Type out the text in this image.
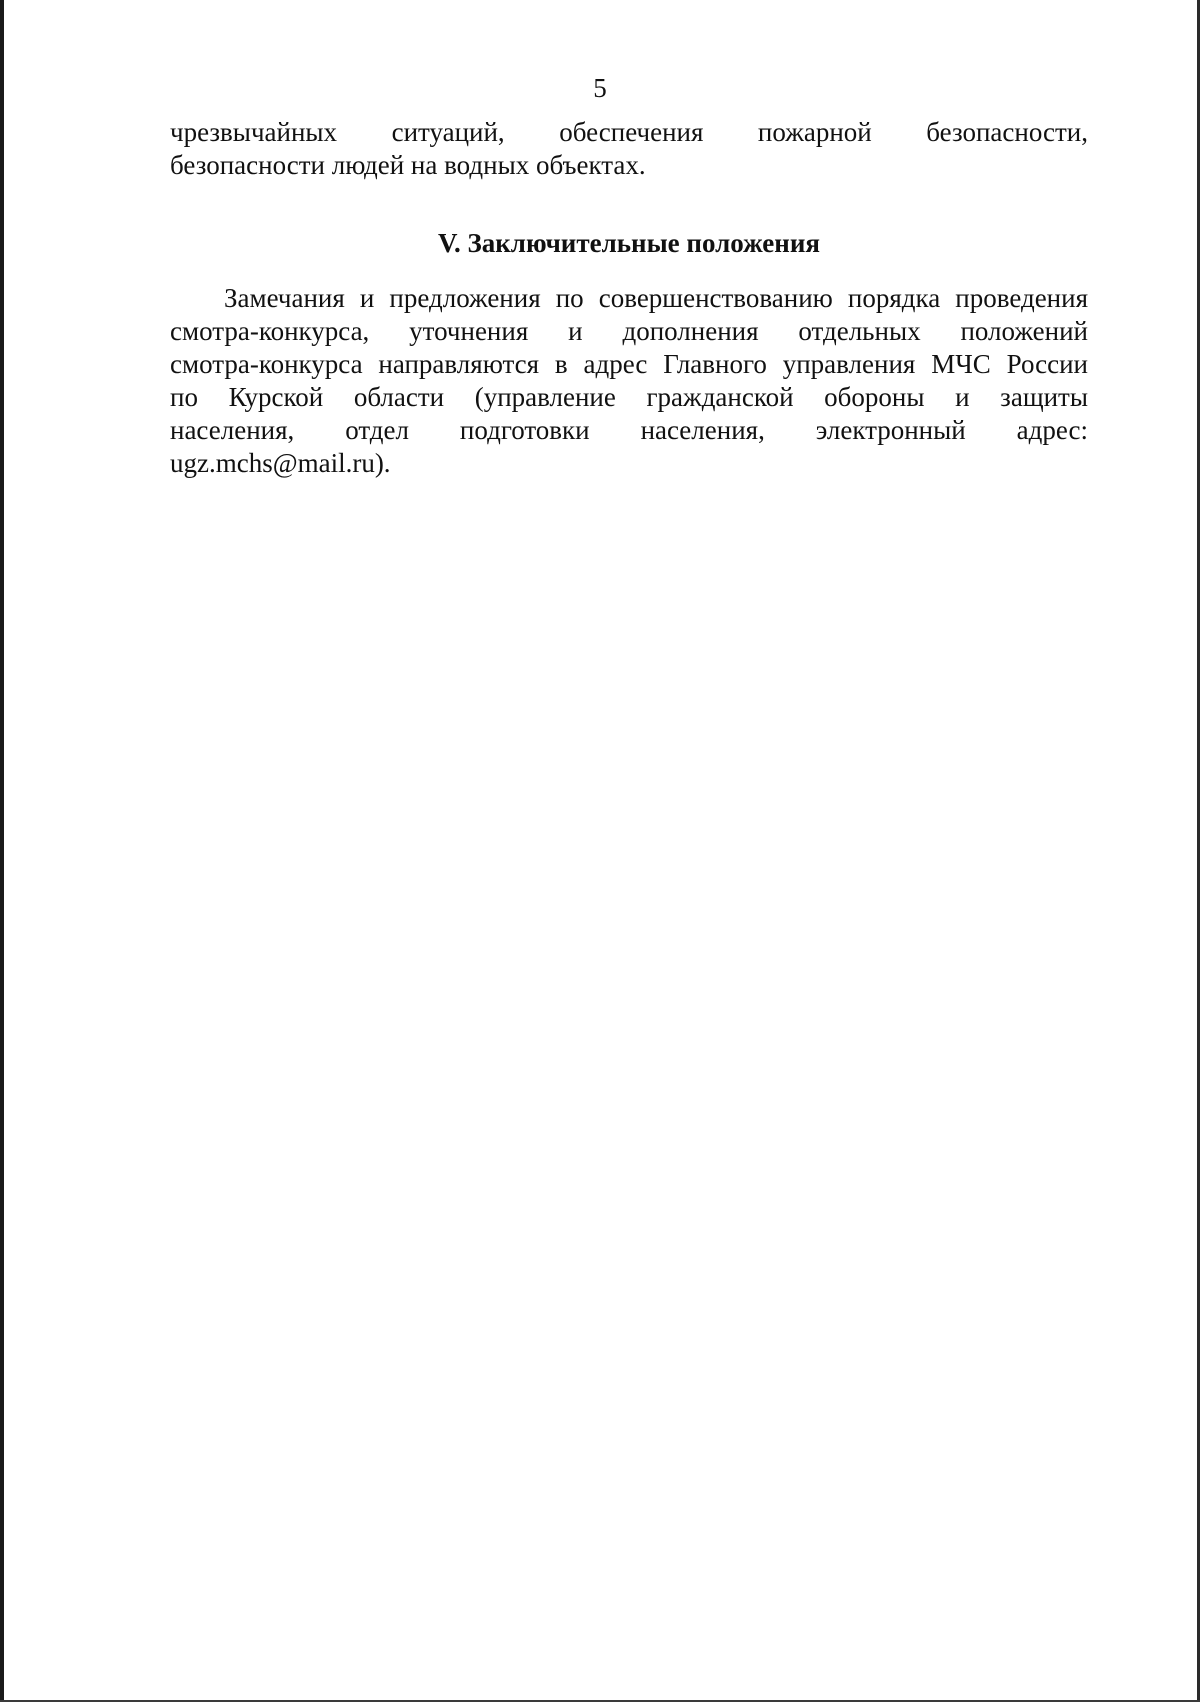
5
чрезвычайных ситуаций, обеспечения пожарной безопасности,
безопасности людей на водных объектах.
V. Заключительные положения
Замечания и предложения по совершенствованию порядка проведения
смотра-конкурса, уточнения и дополнения отдельных положений
смотра-конкурса направляются в адрес Главного управления МЧС России
по Курской области (управление гражданской обороны и защиты
населения, отдел подготовки населения, электронный адрес:
ugz.mchs@mail.ru).
